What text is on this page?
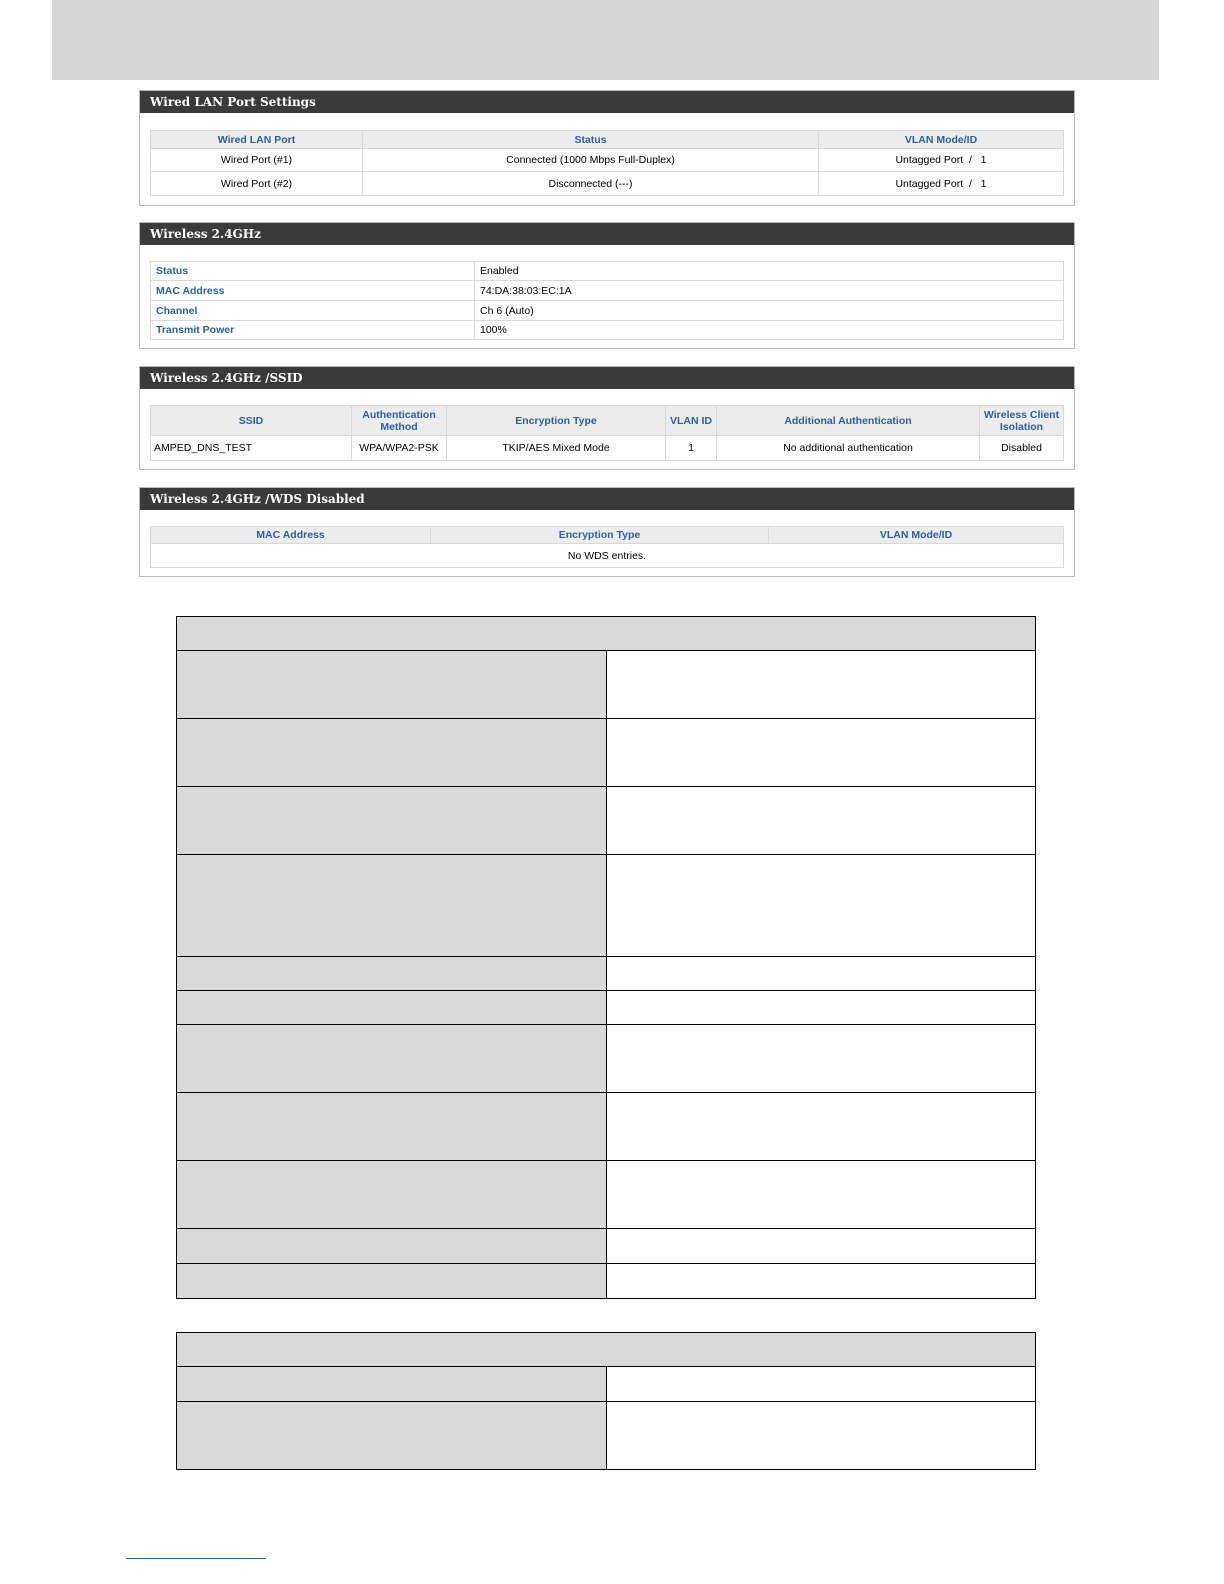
Wired LAN Port Settings
Wired LAN Port	Status	VLAN Mode/ID
Wired Port (#1)	Connected (1000 Mbps Full-Duplex)	Untagged Port  /   1
Wired Port (#2)	Disconnected (---)	Untagged Port  /   1
Wireless 2.4GHz
Status	Enabled
MAC Address	74:DA:38:03:EC:1A
Channel	Ch 6 (Auto)
Transmit Power	100%
Wireless 2.4GHz /SSID
SSID	Authentication Method	Encryption Type	VLAN ID	Additional Authentication	Wireless Client Isolation
AMPED_DNS_TEST	WPA/WPA2-PSK	TKIP/AES Mixed Mode	1	No additional authentication	Disabled
Wireless 2.4GHz /WDS Disabled
MAC Address	Encryption Type	VLAN Mode/ID
No WDS entries.
